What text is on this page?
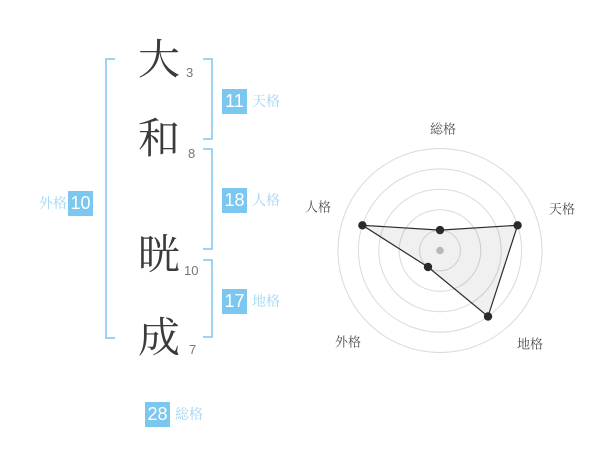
大 3
和 8
晄 10
成 7
11 天格
18 人格
17 地格
外格 10
28 総格
総格
天格
地格
外格
人格
